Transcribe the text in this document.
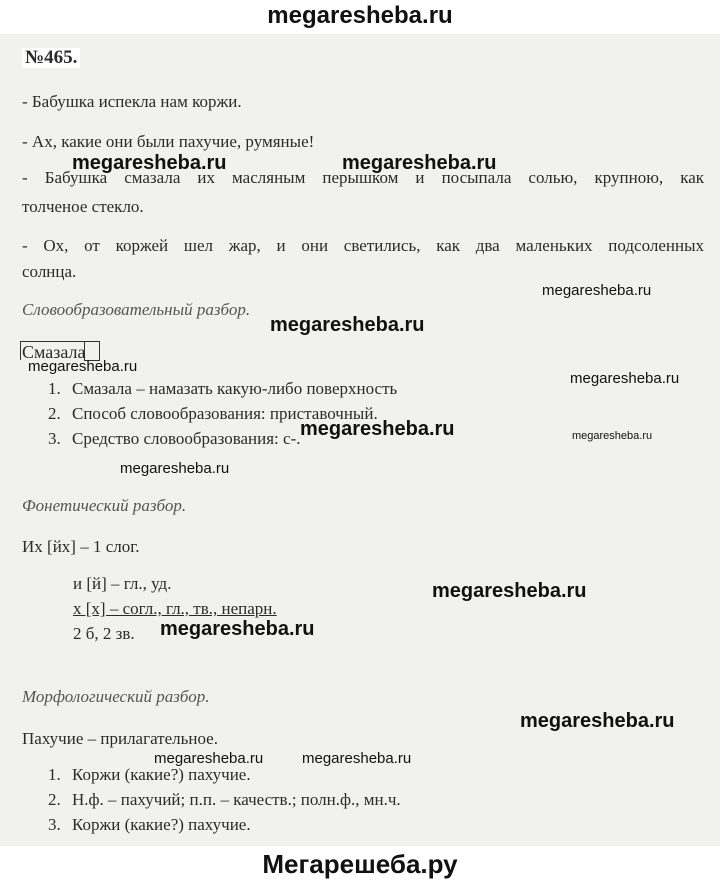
megaresheba.ru
№465.
- Бабушка испекла нам коржи.
- Ах, какие они были пахучие, румяные!
- Бабушка смазала их масляным перышком и посыпала солью, крупною, как
толченое стекло.
- Ох, от коржей шел жар, и они светились, как два маленьких подсоленных
солнца.
Словообразовательный разбор.
Смазала
1. Смазала – намазать какую-либо поверхность
2. Способ словообразования: приставочный.
3. Средство словообразования: с-.
Фонетический разбор.
Их [йх] – 1 слог.
и [й] – гл., уд.
х [х] – согл., гл., тв., непарн.
2 б, 2 зв.
Морфологический разбор.
Пахучие – прилагательное.
1. Коржи (какие?) пахучие.
2. Н.ф. – пахучий; п.п. – качеств.; полн.ф., мн.ч.
3. Коржи (какие?) пахучие.
megaresheba.ru	megaresheba.ru
megaresheba.ru
megaresheba.ru
megaresheba.ru
megaresheba.ru
megaresheba.ru	megaresheba.ru
megaresheba.ru
megaresheba.ru
megaresheba.ru
megaresheba.ru
megaresheba.ru	megaresheba.ru
Мегарешеба.ру
